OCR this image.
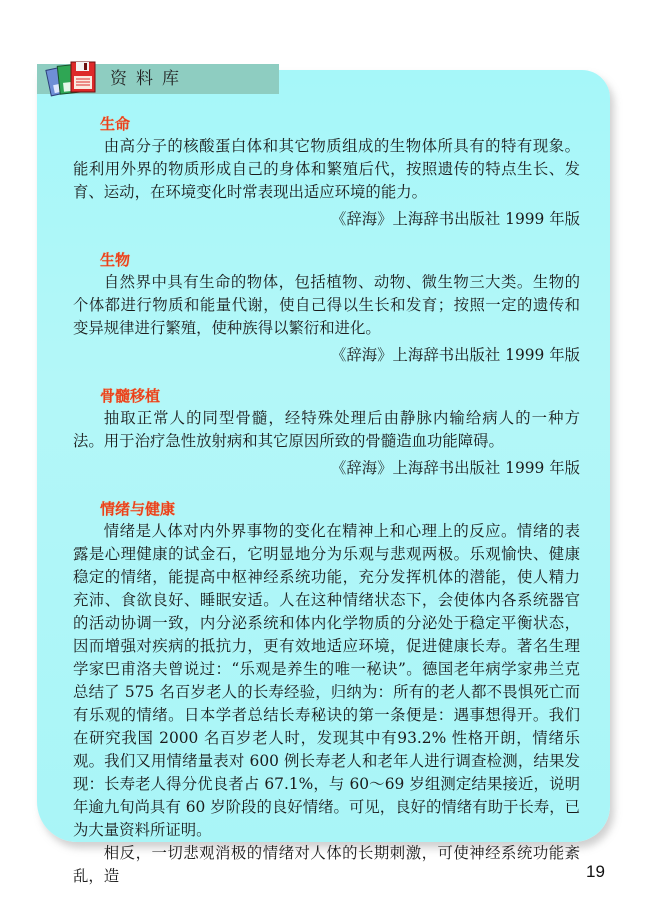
资料库
生命

由高分子的核酸蛋白体和其它物质组成的生物体所具有的特有现象。能利用外界的物质形成自己的身体和繁殖后代，按照遗传的特点生长、发育、运动，在环境变化时常表现出适应环境的能力。

《辞海》上海辞书出版社 1999 年版

生物

自然界中具有生命的物体，包括植物、动物、微生物三大类。生物的个体都进行物质和能量代谢，使自己得以生长和发育；按照一定的遗传和变异规律进行繁殖，使种族得以繁衍和进化。

《辞海》上海辞书出版社 1999 年版

骨髓移植

抽取正常人的同型骨髓，经特殊处理后由静脉内输给病人的一种方法。用于治疗急性放射病和其它原因所致的骨髓造血功能障碍。

《辞海》上海辞书出版社 1999 年版

情绪与健康

情绪是人体对内外界事物的变化在精神上和心理上的反应。情绪的表露是心理健康的试金石，它明显地分为乐观与悲观两极。乐观愉快、健康稳定的情绪，能提高中枢神经系统功能，充分发挥机体的潜能，使人精力充沛、食欲良好、睡眠安适。人在这种情绪状态下，会使体内各系统器官的活动协调一致，内分泌系统和体内化学物质的分泌处于稳定平衡状态，因而增强对疾病的抵抗力，更有效地适应环境，促进健康长寿。著名生理学家巴甫洛夫曾说过：“乐观是养生的唯一秘诀”。德国老年病学家弗兰克总结了 575 名百岁老人的长寿经验，归纳为：所有的老人都不畏惧死亡而有乐观的情绪。日本学者总结长寿秘诀的第一条便是：遇事想得开。我们在研究我国 2000 名百岁老人时，发现其中有93.2% 性格开朗，情绪乐观。我们又用情绪量表对 600 例长寿老人和老年人进行调查检测，结果发现：长寿老人得分优良者占 67.1%，与 60～69 岁组测定结果接近，说明年逾九旬尚具有 60 岁阶段的良好情绪。可见，良好的情绪有助于长寿，已为大量资料所证明。

相反，一切悲观消极的情绪对人体的长期刺激，可使神经系统功能紊乱，造	19
